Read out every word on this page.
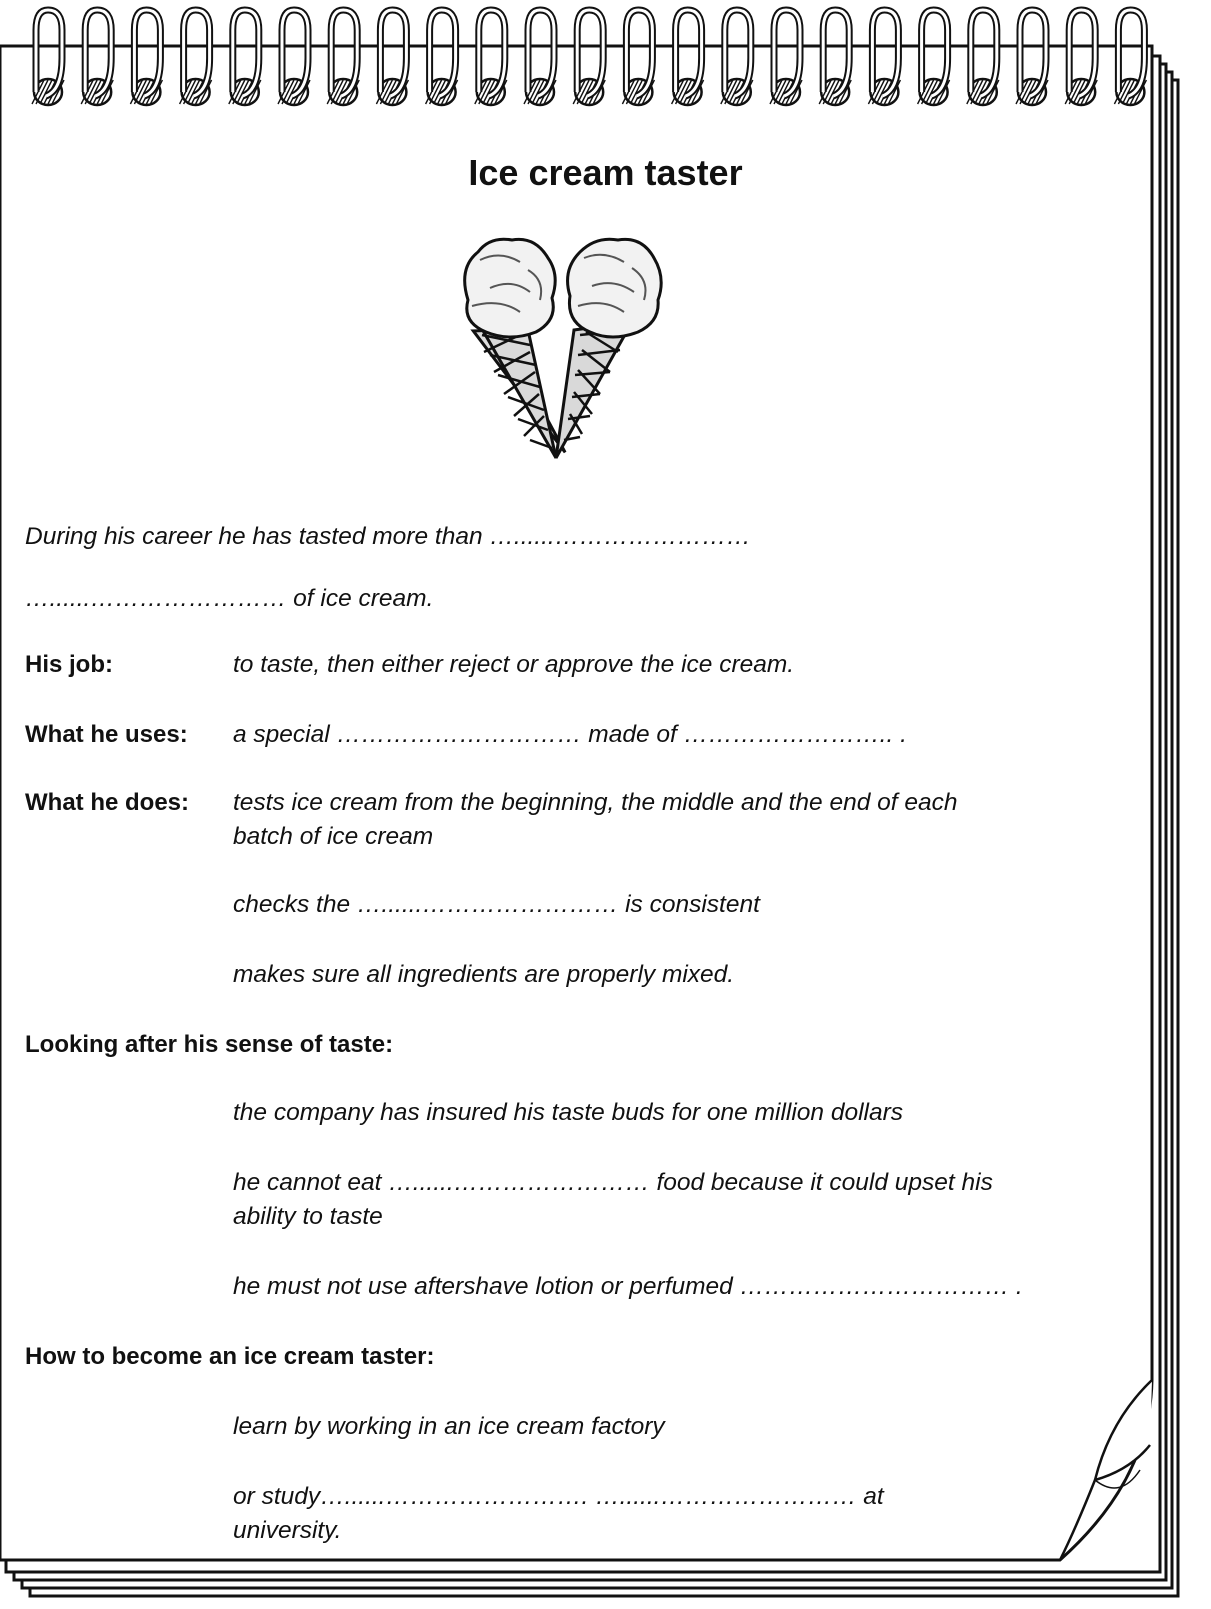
Ice cream taster
During his career he has tasted more than …......……………………
…......…………………… of ice cream.
His job:	to taste, then either reject or approve the ice cream.
What he uses: a special ………………………… made of …………………….. .
What he does: tests ice cream from the beginning, the middle and the end of each
batch of ice cream
checks the …......…………………… is consistent
makes sure all ingredients are properly mixed.
Looking after his sense of taste:
the company has insured his taste buds for one million dollars
he cannot eat …......…………………… food because it could upset his
ability to taste
he must not use aftershave lotion or perfumed …………………………… .
How to become an ice cream taster:
learn by working in an ice cream factory
or study…......……………………. …......…………………… at
university.
